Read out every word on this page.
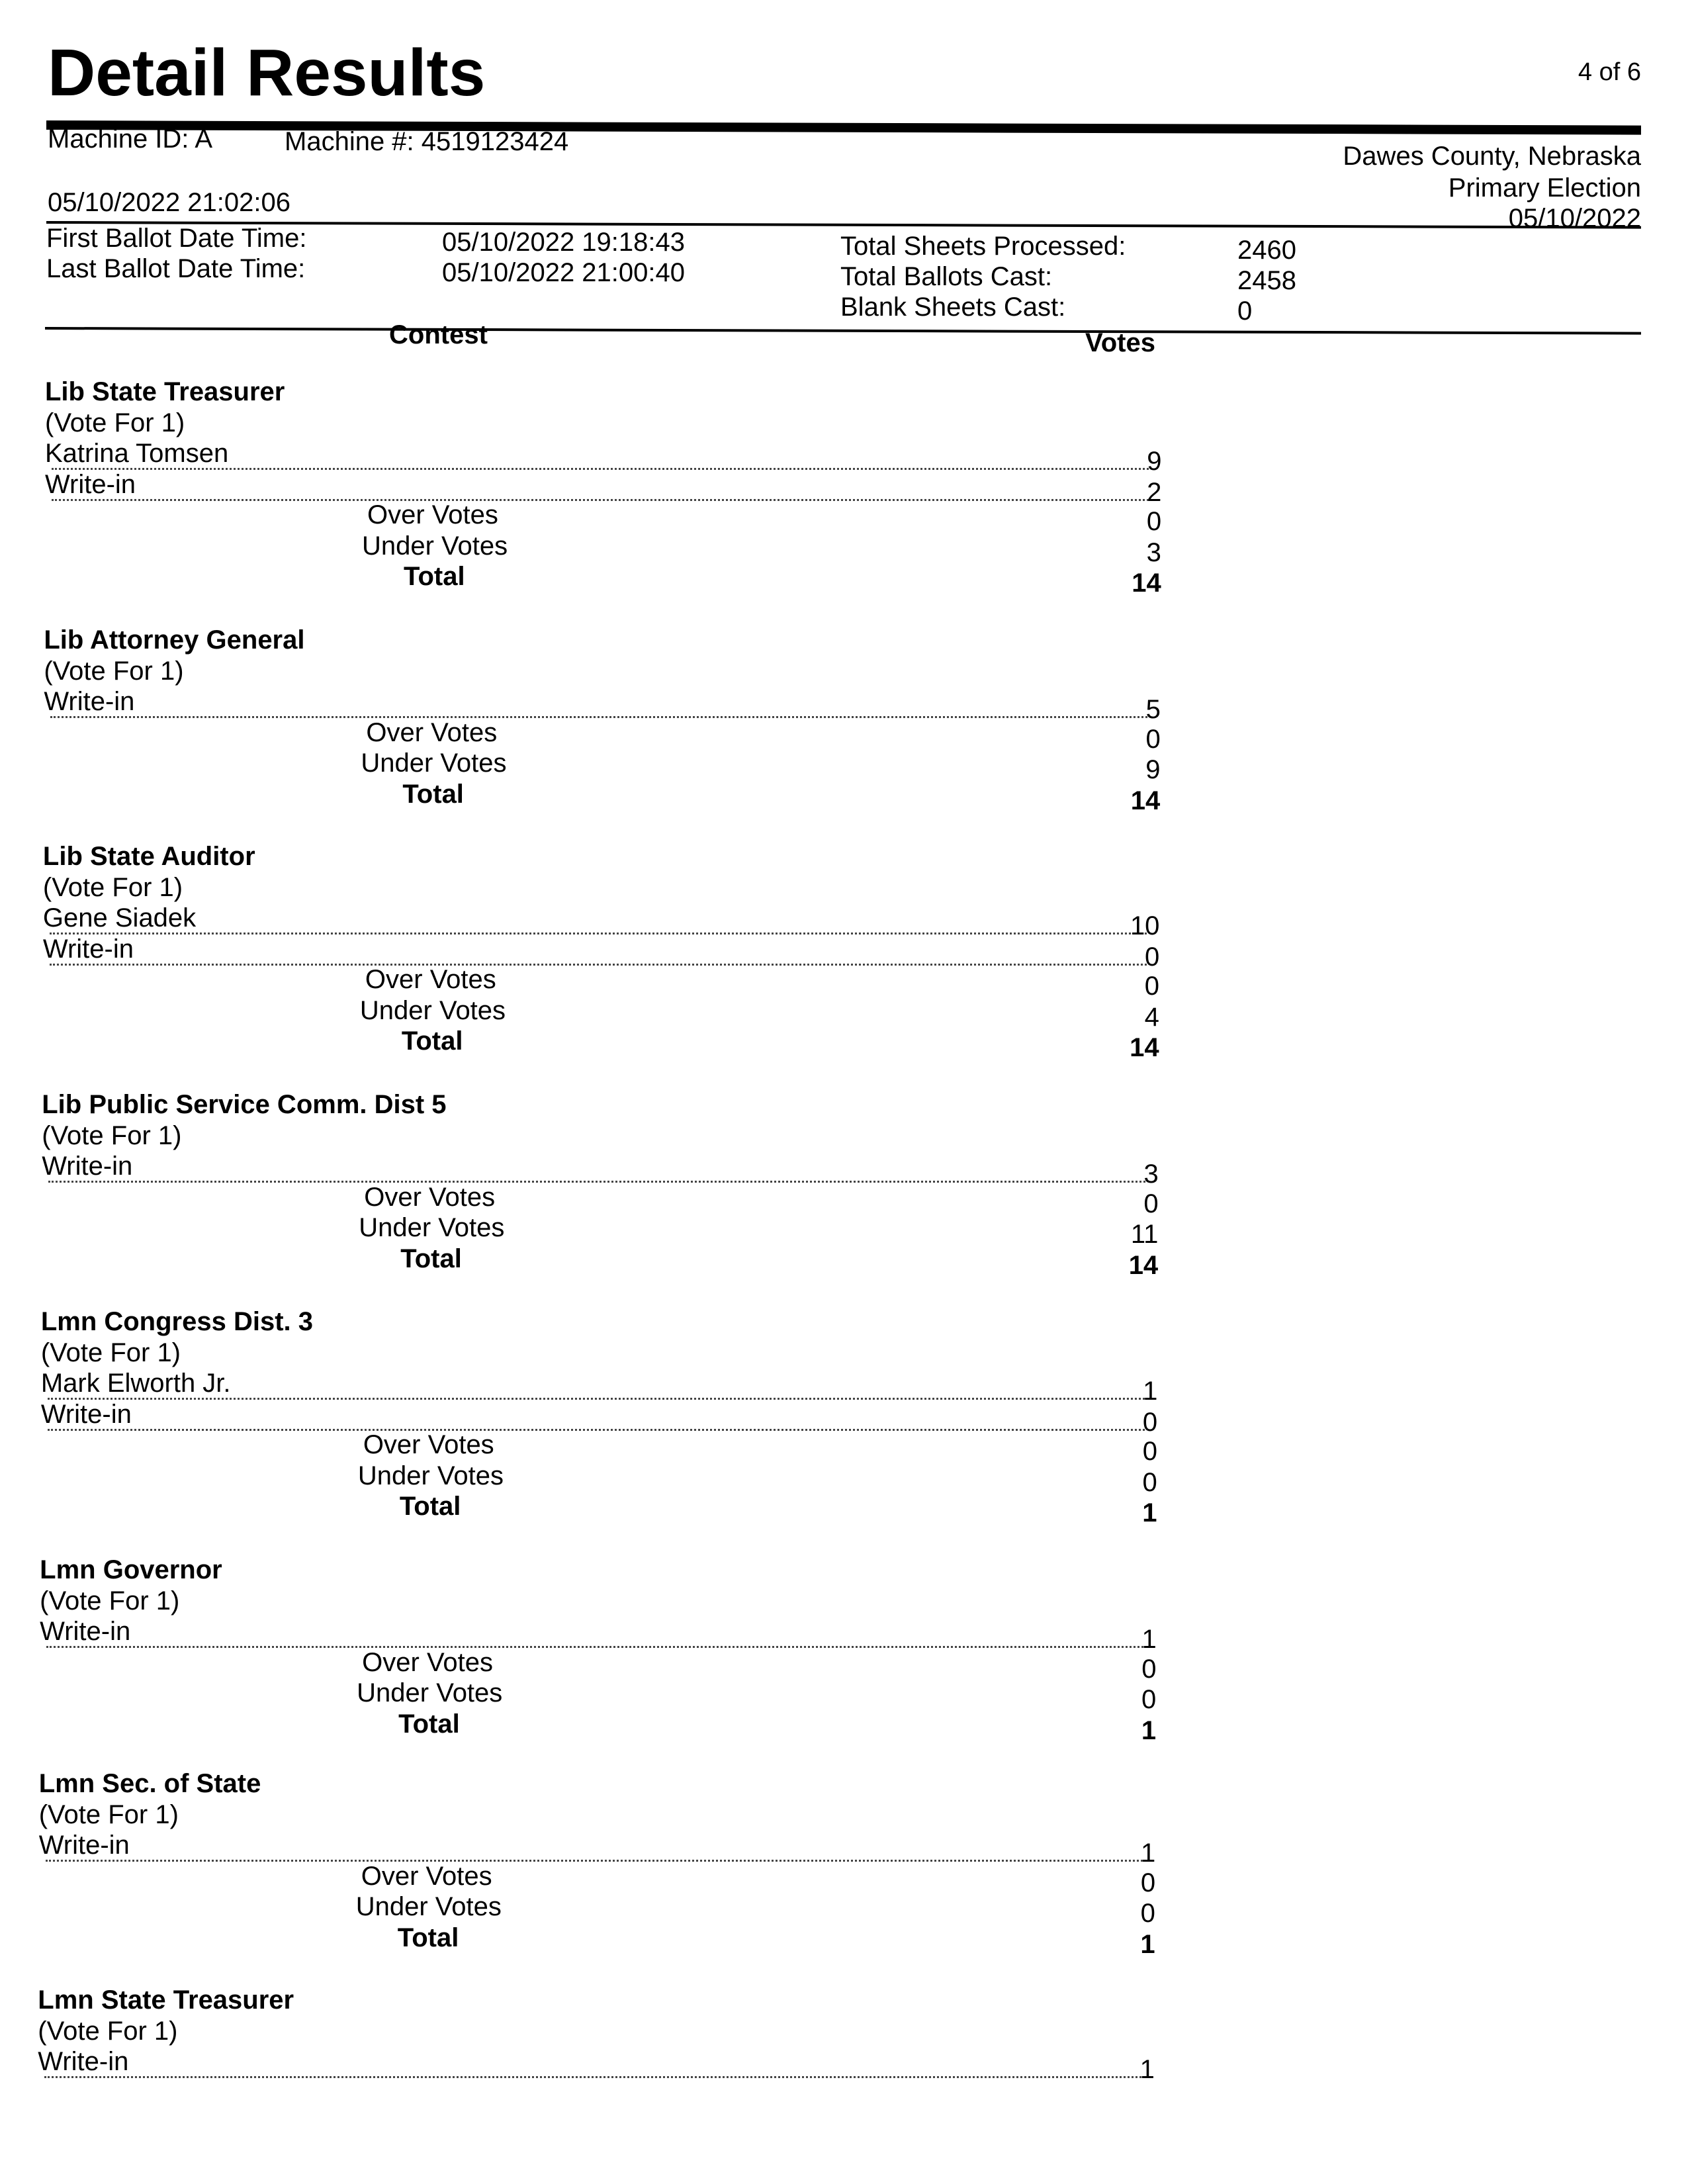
Detail Results	4 of 6
Machine ID: A	Machine #: 4519123424
05/10/2022 21:02:06
Dawes County, Nebraska
Primary Election
05/10/2022
First Ballot Date Time:	05/10/2022 19:18:43
Last Ballot Date Time:	05/10/2022 21:00:40
Total Sheets Processed:	2460
Total Ballots Cast:	2458
Blank Sheets Cast:	0
Contest	Votes
Lib State Treasurer
(Vote For 1)
Katrina Tomsen	9
Write-in	2
Over Votes	0
Under Votes	3
Total	14
Lib Attorney General
(Vote For 1)
Write-in	5
Over Votes	0
Under Votes	9
Total	14
Lib State Auditor
(Vote For 1)
Gene Siadek	10
Write-in	0
Over Votes	0
Under Votes	4
Total	14
Lib Public Service Comm. Dist 5
(Vote For 1)
Write-in	3
Over Votes	0
Under Votes	11
Total	14
Lmn Congress Dist. 3
(Vote For 1)
Mark Elworth Jr.	1
Write-in	0
Over Votes	0
Under Votes	0
Total	1
Lmn Governor
(Vote For 1)
Write-in	1
Over Votes	0
Under Votes	0
Total	1
Lmn Sec. of State
(Vote For 1)
Write-in	1
Over Votes	0
Under Votes	0
Total	1
Lmn State Treasurer
(Vote For 1)
Write-in	1
